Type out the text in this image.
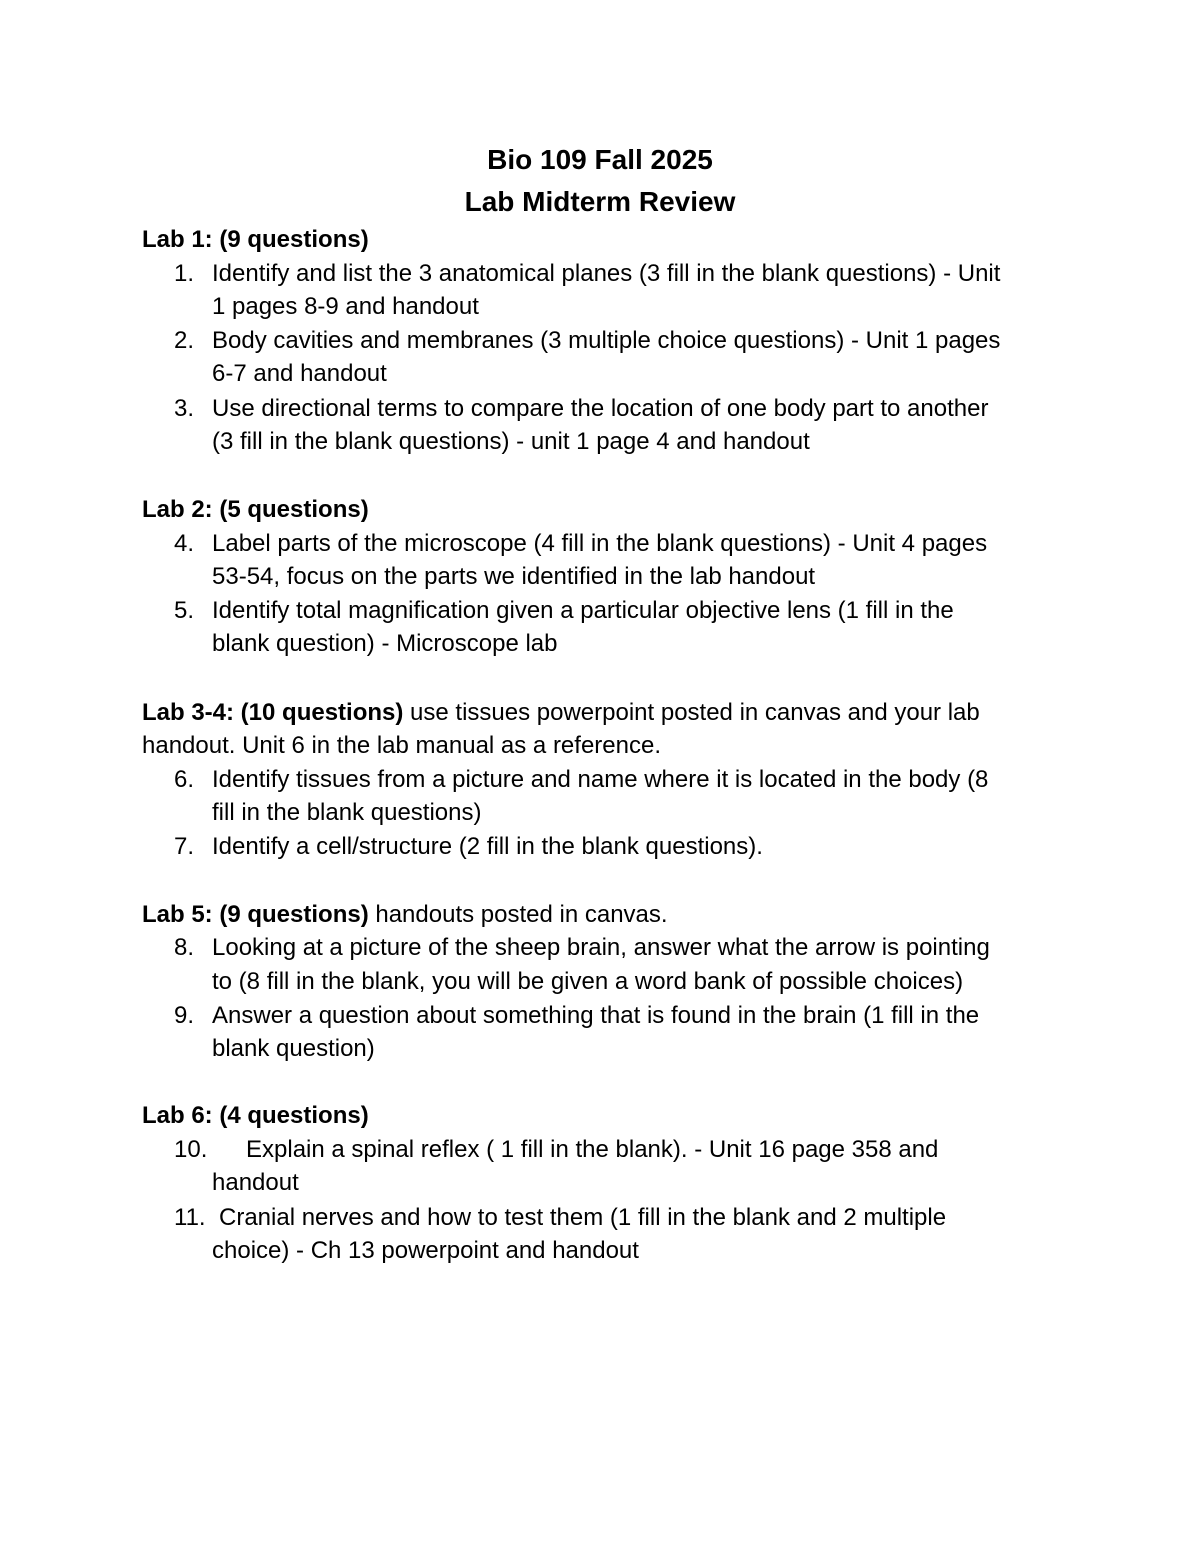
Bio 109 Fall 2025
Lab Midterm Review

Lab 1: (9 questions)

1. Identify and list the 3 anatomical planes (3 fill in the blank questions) - Unit
1 pages 8-9 and handout
2. Body cavities and membranes (3 multiple choice questions) - Unit 1 pages
6-7 and handout
3. Use directional terms to compare the location of one body part to another
(3 fill in the blank questions) - unit 1 page 4 and handout

Lab 2: (5 questions)

4. Label parts of the microscope (4 fill in the blank questions) - Unit 4 pages
53-54, focus on the parts we identified in the lab handout
5. Identify total magnification given a particular objective lens (1 fill in the
blank question) - Microscope lab

Lab 3-4: (10 questions) use tissues powerpoint posted in canvas and your lab

handout. Unit 6 in the lab manual as a reference.

6. Identify tissues from a picture and name where it is located in the body (8
fill in the blank questions)
7. Identify a cell/structure (2 fill in the blank questions).

Lab 5: (9 questions) handouts posted in canvas.

8. Looking at a picture of the sheep brain, answer what the arrow is pointing
to (8 fill in the blank, you will be given a word bank of possible choices)
9. Answer a question about something that is found in the brain (1 fill in the
blank question)

Lab 6: (4 questions)

10. Explain a spinal reflex ( 1 fill in the blank). - Unit 16 page 358 and
handout
11. Cranial nerves and how to test them (1 fill in the blank and 2 multiple
choice) - Ch 13 powerpoint and handout
